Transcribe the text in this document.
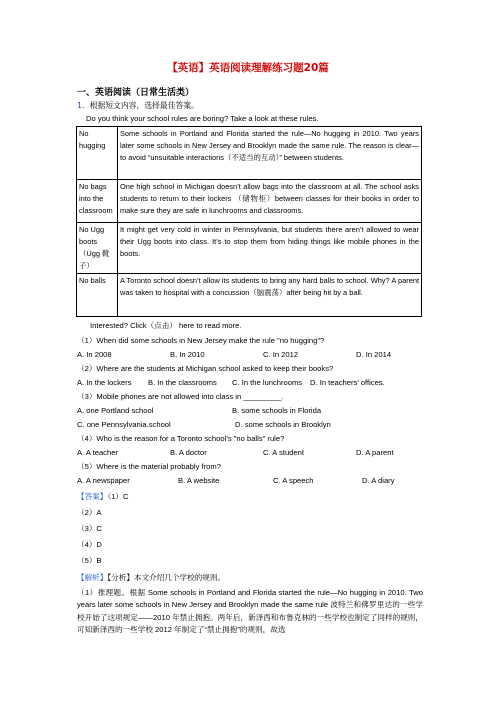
【英语】英语阅读理解练习题20篇
一、英语阅读（日常生活类）
1．根据短文内容，选择最佳答案。
Do you think your school rules are boring? Take a look at these rules.
No hugging	Some schools in Portland and Florida started the rule—No hugging in 2010. Two years later some schools in New Jersey and Brooklyn made the same rule. The reason is clear—to avoid “unsuitable interactions（不适当的互动）” between students.
No bags into the classroom	One high school in Michigan doesn’t allow bags into the classroom at all. The school asks students to return to their lockers （储物柜）between classes for their books in order to make sure they are safe in lunchrooms and classrooms.
No Ugg boots（Ugg 靴子）	It might get very cold in winter in Pennsylvania, but students there aren’t allowed to wear their Ugg boots into class. It’s to stop them from hiding things like mobile phones in the boots.
No balls	A Toronto school doesn’t allow its students to bring any hard balls to school. Why? A parent was taken to hospital with a concussion（脑震荡）after being hit by a ball.
Interested? Click（点击） here to read more.
（1）When did some schools in New Jersey make the rule "no hugging"?
A. In 2008	B. In 2010	C. In 2012	D. In 2014
（2）Where are the students at Michigan school asked to keep their books?
A. In the lockers B. In the classrooms C. In the lunchrooms D. In teachers’ offices.
（3）Mobile phones are not allowed into class in _________.
A. one Portland school	B. some schools in Florida
C. one Pennsylvania.school	D. some schools in Brooklyn
（4）Who is the reason for a Toronto school’s "no balls" rule?
A. A teacher	B. A doctor	C. A student	D. A parent
（5）Where is the material probably from?
A. A newspaper	B. A website	C. A speech	D. A diary
【答案】（1）C
（2）A
（3）C
（4）D
（5）B
【解析】【分析】本文介绍几个学校的规则。
（1）推理题。根据 Some schools in Portland and Florida started the rule—No hugging in 2010. Two years later some schools in New Jersey and Brooklyn made the same rule 波特兰和佛罗里达的一些学校开始了这项规定——2010 年禁止拥抱。两年后，新泽西和布鲁克林的一些学校也制定了同样的规则，可知新泽西的一些学校 2012 年制定了“禁止拥抱”的规则，故选
